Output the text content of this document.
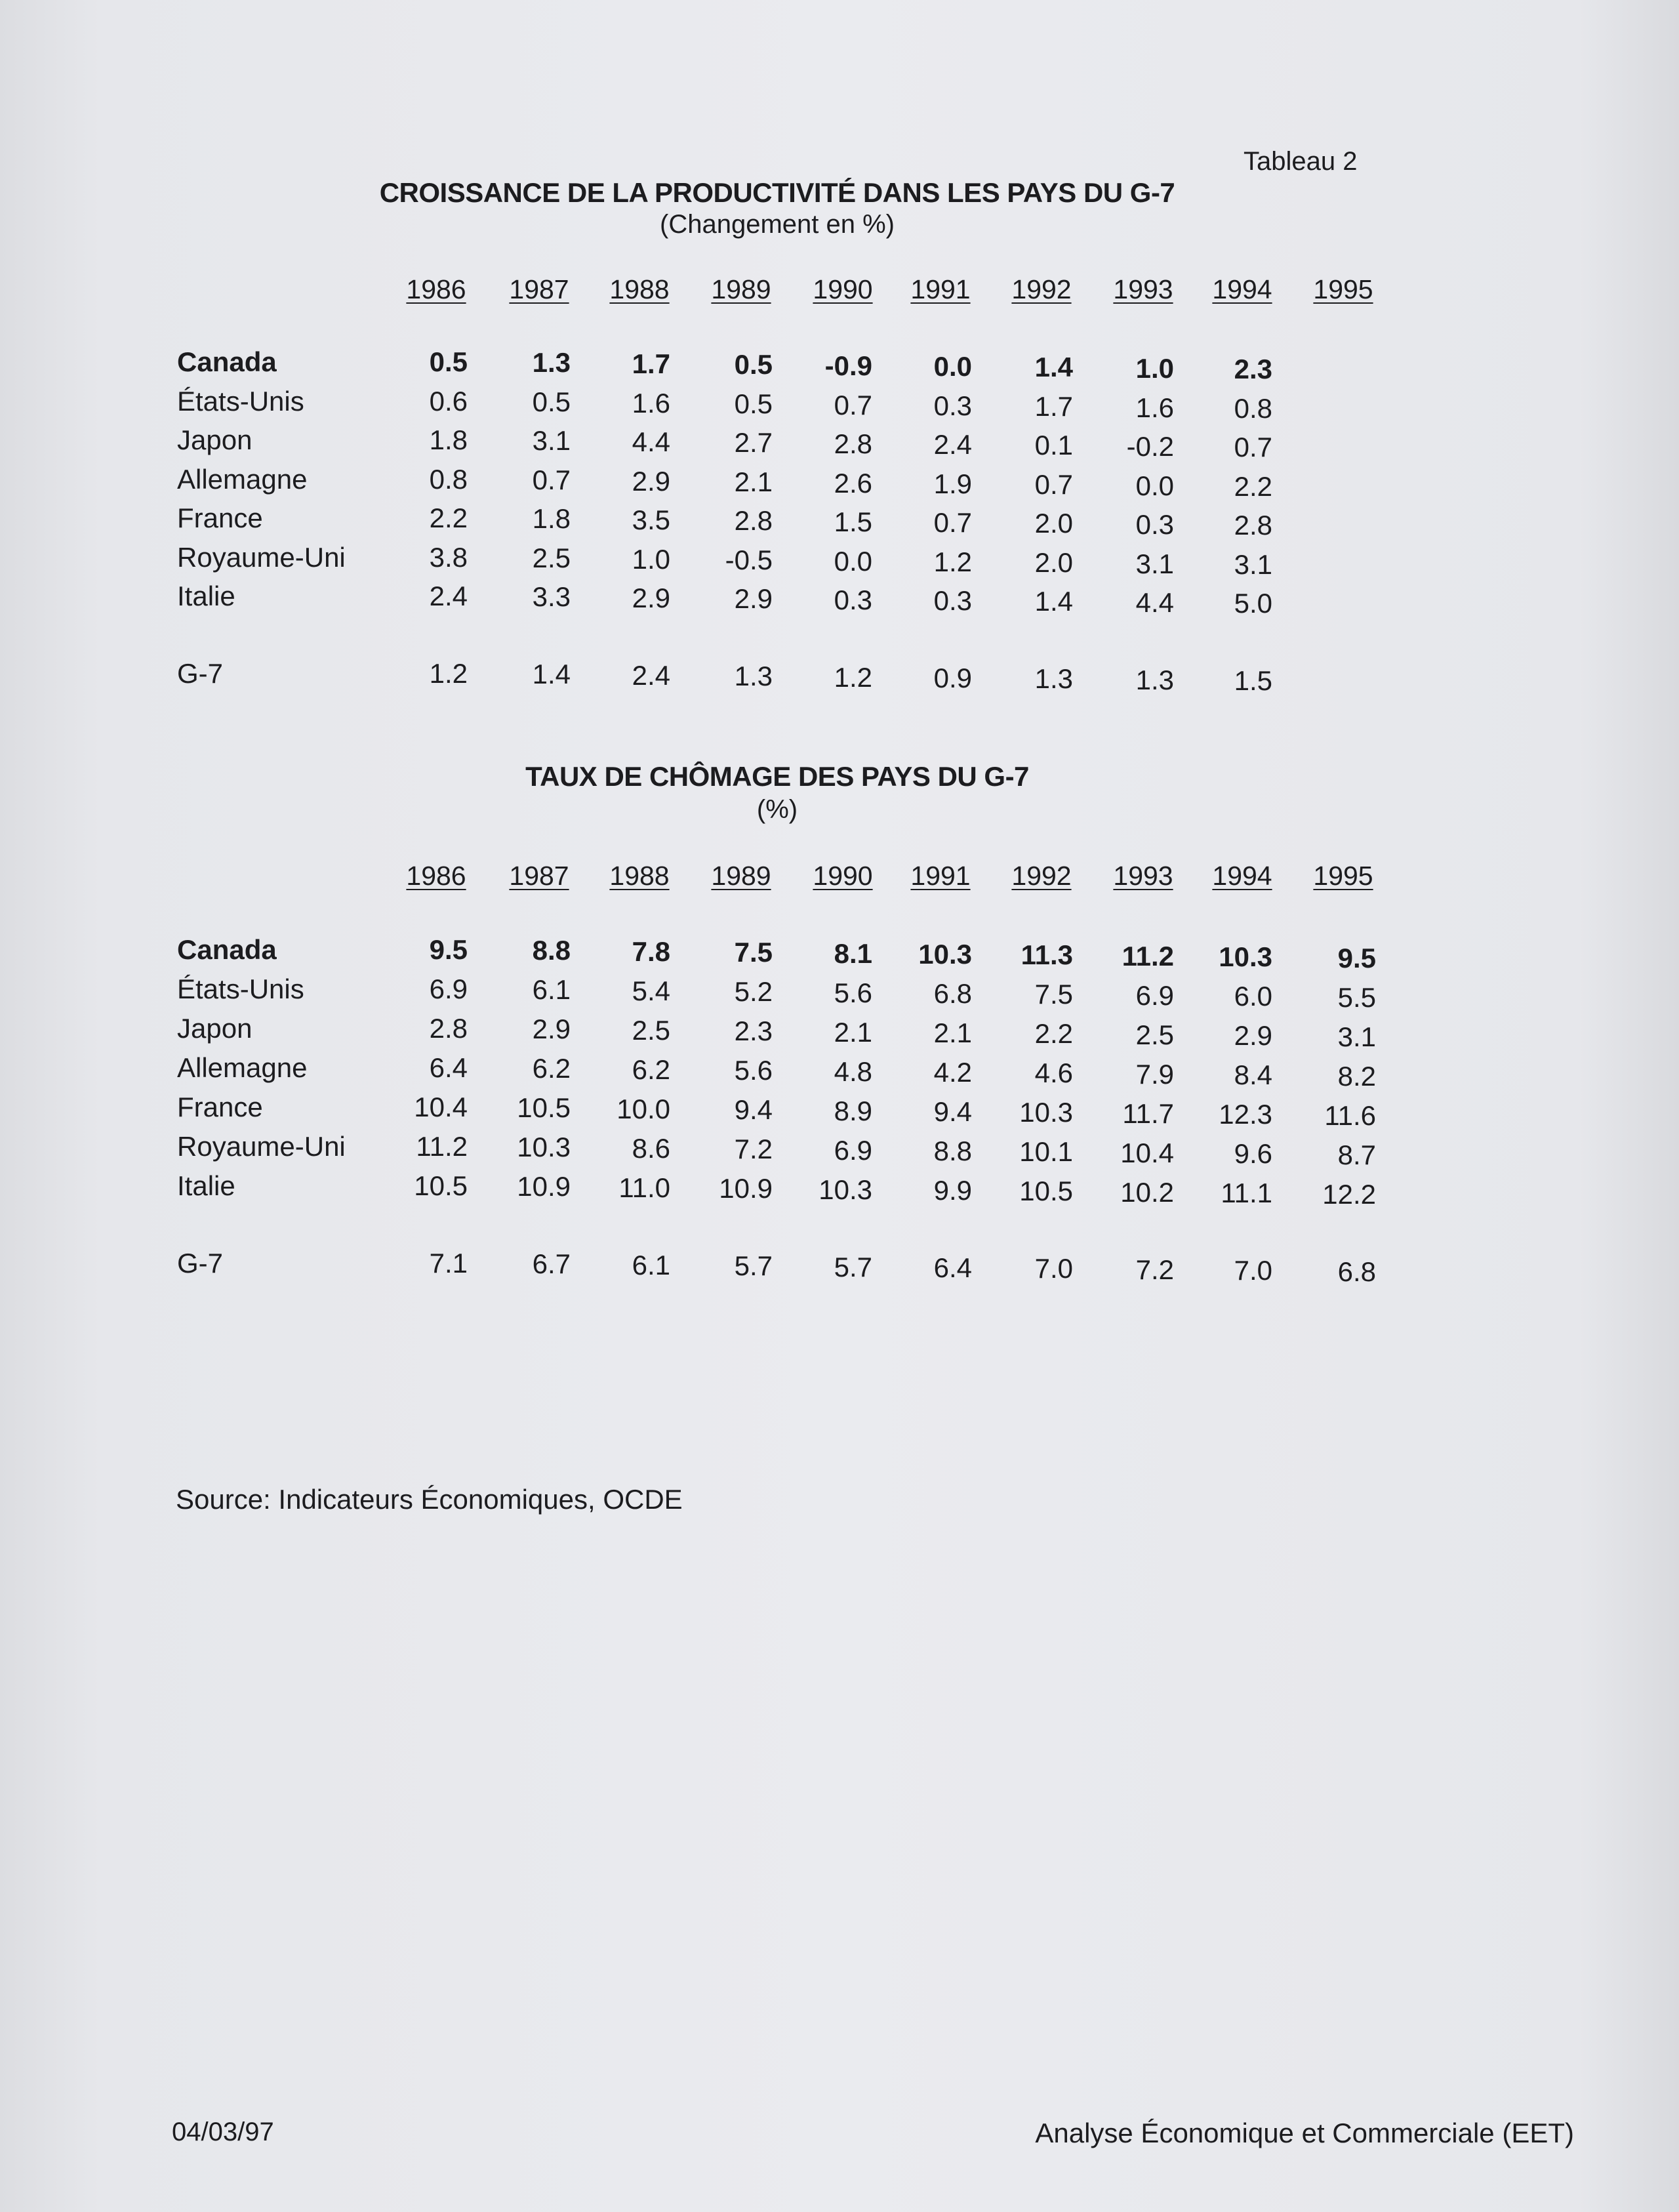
Tableau 2
CROISSANCE DE LA PRODUCTIVITÉ DANS LES PAYS DU G-7
(Changement en %)
1986 1987 1988 1989 1990 1991 1992 1993 1994 1995
Canada	0.5	1.3	1.7	0.5	-0.9	0.0	1.4	1.0	2.3
États-Unis	0.6	0.5	1.6	0.5	0.7	0.3	1.7	1.6	0.8
Japon	1.8	3.1	4.4	2.7	2.8	2.4	0.1	-0.2	0.7
Allemagne	0.8	0.7	2.9	2.1	2.6	1.9	0.7	0.0	2.2
France	2.2	1.8	3.5	2.8	1.5	0.7	2.0	0.3	2.8
Royaume-Uni	3.8	2.5	1.0	-0.5	0.0	1.2	2.0	3.1	3.1
Italie	2.4	3.3	2.9	2.9	0.3	0.3	1.4	4.4	5.0
G-7	1.2	1.4	2.4	1.3	1.2	0.9	1.3	1.3	1.5
TAUX DE CHÔMAGE DES PAYS DU G-7
(%)
1986 1987 1988 1989 1990 1991 1992 1993 1994 1995
Canada	9.5	8.8	7.8	7.5	8.1	10.3	11.3	11.2	10.3	9.5
États-Unis	6.9	6.1	5.4	5.2	5.6	6.8	7.5	6.9	6.0	5.5
Japon	2.8	2.9	2.5	2.3	2.1	2.1	2.2	2.5	2.9	3.1
Allemagne	6.4	6.2	6.2	5.6	4.8	4.2	4.6	7.9	8.4	8.2
France	10.4	10.5	10.0	9.4	8.9	9.4	10.3	11.7	12.3	11.6
Royaume-Uni	11.2	10.3	8.6	7.2	6.9	8.8	10.1	10.4	9.6	8.7
Italie	10.5	10.9	11.0	10.9	10.3	9.9	10.5	10.2	11.1	12.2
G-7	7.1	6.7	6.1	5.7	5.7	6.4	7.0	7.2	7.0	6.8
Source: Indicateurs Économiques, OCDE
04/03/97	Analyse Économique et Commerciale (EET)
